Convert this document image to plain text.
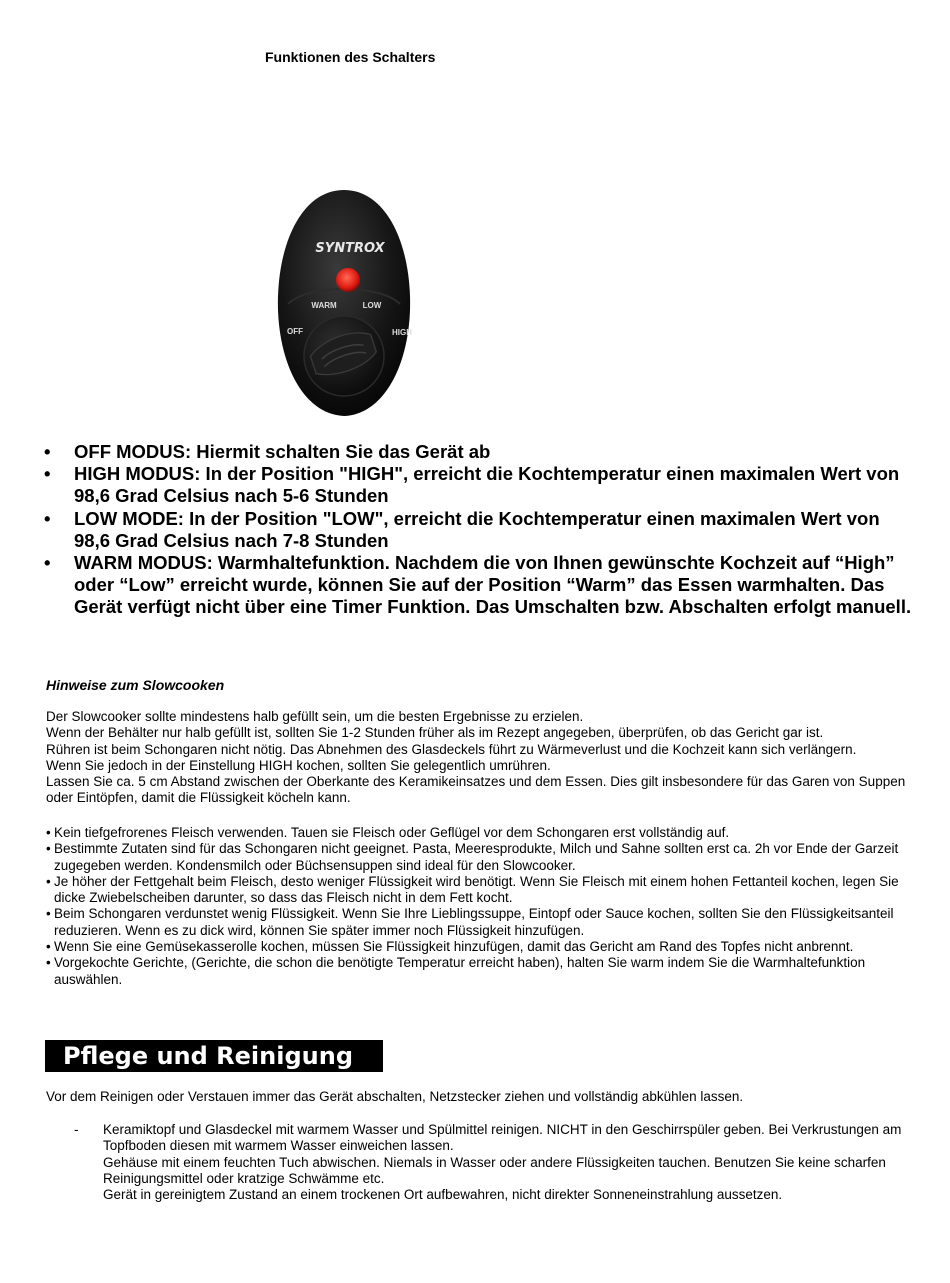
Funktionen des Schalters
SYNTROX
WARM	LOW
OFF	HIGH
• OFF MODUS: Hiermit schalten Sie das Gerät ab
• HIGH MODUS: In der Position "HIGH", erreicht die Kochtemperatur einen maximalen Wert von 98,6 Grad Celsius nach 5-6 Stunden
• LOW MODE: In der Position "LOW", erreicht die Kochtemperatur einen maximalen Wert von 98,6 Grad Celsius nach 7-8 Stunden
• WARM MODUS: Warmhaltefunktion. Nachdem die von Ihnen gewünschte Kochzeit auf “High” oder “Low” erreicht wurde, können Sie auf der Position “Warm” das Essen warmhalten. Das Gerät verfügt nicht über eine Timer Funktion. Das Umschalten bzw. Abschalten erfolgt manuell.
Hinweise zum Slowcooken

Der Slowcooker sollte mindestens halb gefüllt sein, um die besten Ergebnisse zu erzielen.

Wenn der Behälter nur halb gefüllt ist, sollten Sie 1-2 Stunden früher als im Rezept angegeben, überprüfen, ob das Gericht gar ist.

Rühren ist beim Schongaren nicht nötig. Das Abnehmen des Glasdeckels führt zu Wärmeverlust und die Kochzeit kann sich verlängern.

Wenn Sie jedoch in der Einstellung HIGH kochen, sollten Sie gelegentlich umrühren.

Lassen Sie ca. 5 cm Abstand zwischen der Oberkante des Keramikeinsatzes und dem Essen. Dies gilt insbesondere für das Garen von Suppen oder Eintöpfen, damit die Flüssigkeit köcheln kann.

• Kein tiefgefrorenes Fleisch verwenden. Tauen sie Fleisch oder Geflügel vor dem Schongaren erst vollständig auf.
• Bestimmte Zutaten sind für das Schongaren nicht geeignet. Pasta, Meeresprodukte, Milch und Sahne sollten erst ca. 2h vor Ende der Garzeit zugegeben werden. Kondensmilch oder Büchsensuppen sind ideal für den Slowcooker.
• Je höher der Fettgehalt beim Fleisch, desto weniger Flüssigkeit wird benötigt. Wenn Sie Fleisch mit einem hohen Fettanteil kochen, legen Sie dicke Zwiebelscheiben darunter, so dass das Fleisch nicht in dem Fett kocht.
• Beim Schongaren verdunstet wenig Flüssigkeit. Wenn Sie Ihre Lieblingssuppe, Eintopf oder Sauce kochen, sollten Sie den Flüssigkeitsanteil reduzieren. Wenn es zu dick wird, können Sie später immer noch Flüssigkeit hinzufügen.
• Wenn Sie eine Gemüsekasserolle kochen, müssen Sie Flüssigkeit hinzufügen, damit das Gericht am Rand des Topfes nicht anbrennt.
• Vorgekochte Gerichte, (Gerichte, die schon die benötigte Temperatur erreicht haben), halten Sie warm indem Sie die Warmhaltefunktion auswählen.
Pflege und Reinigung
Vor dem Reinigen oder Verstauen immer das Gerät abschalten, Netzstecker ziehen und vollständig abkühlen lassen.
- Keramiktopf und Glasdeckel mit warmem Wasser und Spülmittel reinigen. NICHT in den Geschirrspüler geben. Bei Verkrustungen am Topfboden diesen mit warmem Wasser einweichen lassen.

Gehäuse mit einem feuchten Tuch abwischen. Niemals in Wasser oder andere Flüssigkeiten tauchen. Benutzen Sie keine scharfen Reinigungsmittel oder kratzige Schwämme etc.

Gerät in gereinigtem Zustand an einem trockenen Ort aufbewahren, nicht direkter Sonneneinstrahlung aussetzen.
